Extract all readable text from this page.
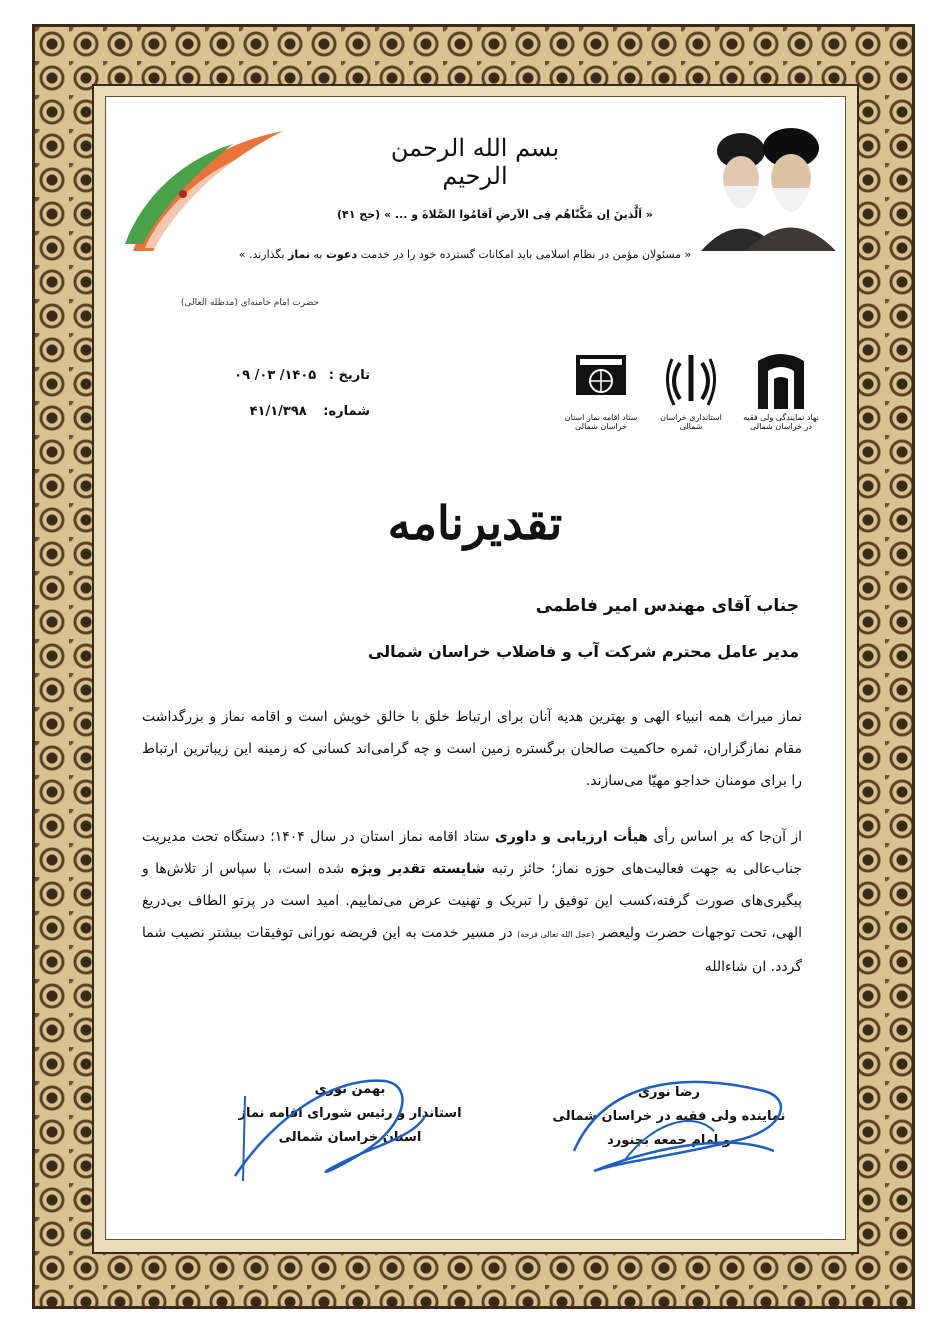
بسم الله الرحمن الرحیم
« اَلَّذینَ اِن مَکَّنّاهُم فِی الاَرضِ اَقامُوا الصَّلاةَ و ... » (حج ۴۱)
« مسئولان مؤمن در نظام اسلامی باید امکانات گسترده خود را در خدمت دعوت به نماز بگذارند. »
حضرت امام خامنه‌ای (مدظله العالی)
نهاد نمایندگی ولی فقیه در خراسان شمالی
استانداری خراسان شمالی
ستاد اقامه نماز استان خراسان شمالی
تاریخ : ۱۴۰۵/ ۰۳/ ۰۹
شماره: ۴۱/۱/۳۹۸
تقدیرنامه
جناب آقای مهندس امیر فاطمی
مدیر عامل محترم شرکت آب و فاضلاب خراسان شمالی
نماز میراث همه انبیاء الهی و بهترین هدیه آنان برای ارتباط خلق با خالق خویش است و اقامه نماز و بزرگداشت مقام نمازگزاران، ثمره حاکمیت صالحان برگستره زمین است و چه گرامی‌اند کسانی که زمینه این زیباترین ارتباط را برای مومنان خداجو مهیّا می‌سازند.
از آن‌جا که بر اساس رأی هیأت ارزیابی و داوری ستاد اقامه نماز استان در سال ۱۴۰۴؛ دستگاه تحت مدیریت جناب‌عالی به جهت فعالیت‌های حوزه نماز؛ حائز رتبه شایسته تقدیر ویژه شده است، با سپاس از تلاش‌ها و پیگیری‌های صورت گرفته،کسب این توفیق را تبریک و تهنیت عرض می‌نماییم. امید است در پرتو الطاف بی‌دریغ الهی، تحت توجهات حضرت ولیعصر (عجل الله تعالی فرجه) در مسیر خدمت به این فریضه نورانی توفیقات بیشتر نصیب شما گردد. ان شاءالله
رضا نوری
نماینده ولی فقیه در خراسان شمالی
و امام جمعه بجنورد
بهمن نوری
استاندار و رئیس شورای اقامه نماز
استان خراسان شمالی
